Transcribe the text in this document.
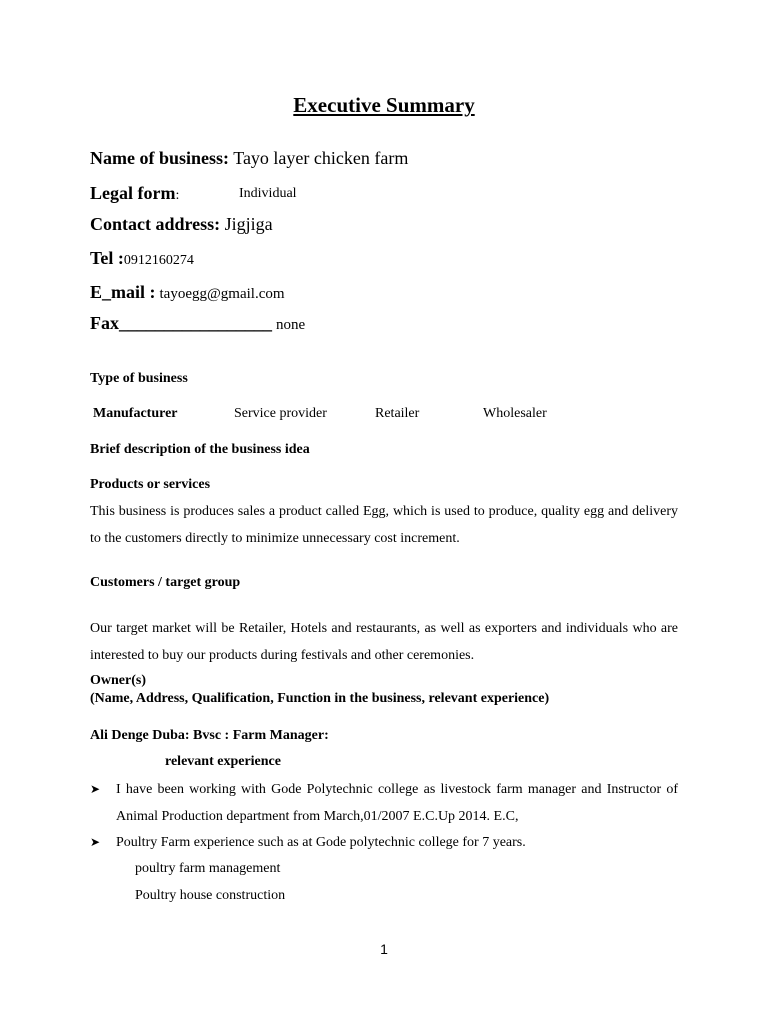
Executive Summary
Name of business: Tayo layer chicken farm
Legal form:	Individual
Contact address: Jigjiga
Tel :0912160274
E_mail : tayoegg@gmail.com
Fax_________________ none
Type of business
Manufacturer	Service provider	Retailer	Wholesaler
Brief description of the business idea
Products or services
This business is produces sales a product called Egg, which is used to produce, quality egg and delivery to the customers directly to minimize unnecessary cost increment.
Customers / target group
Our target market will be Retailer, Hotels and restaurants, as well as exporters and individuals who are interested to buy our products during festivals and other ceremonies.
Owner(s)
(Name, Address, Qualification, Function in the business, relevant experience)
Ali Denge Duba: Bvsc : Farm Manager:
relevant experience
➤ I have been working with Gode Polytechnic college as livestock farm manager and Instructor of Animal Production department from March,01/2007 E.C.Up 2014. E.C,
➤ Poultry Farm experience such as at Gode polytechnic college for 7 years.
poultry farm management
Poultry house construction
1
